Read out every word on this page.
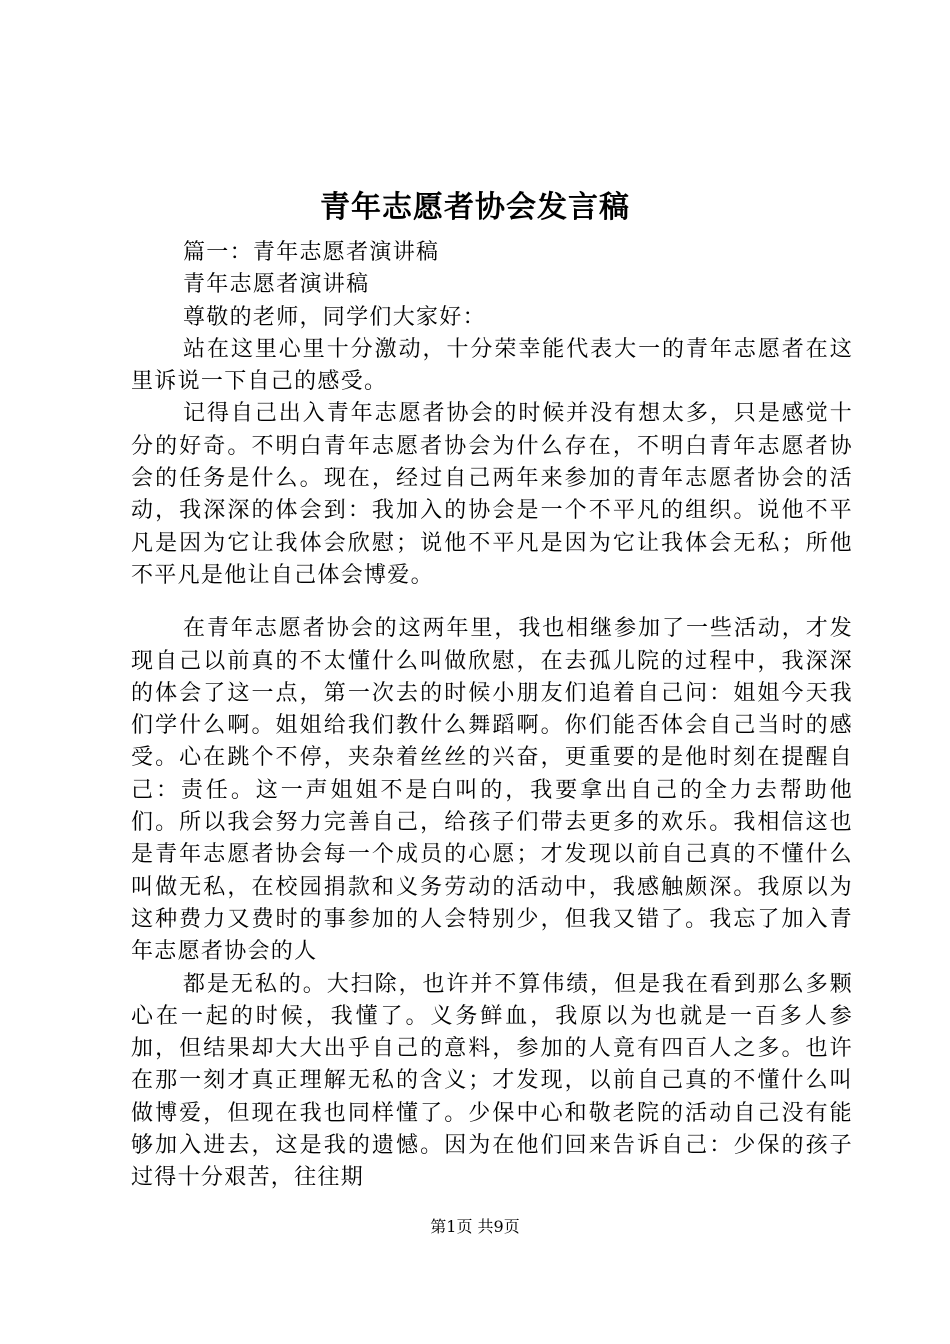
青年志愿者协会发言稿

篇一：青年志愿者演讲稿

青年志愿者演讲稿

尊敬的老师，同学们大家好：

站在这里心里十分激动，十分荣幸能代表大一的青年志愿者在这里诉说一下自己的感受。

记得自己出入青年志愿者协会的时候并没有想太多，只是感觉十分的好奇。不明白青年志愿者协会为什么存在，不明白青年志愿者协会的任务是什么。现在，经过自己两年来参加的青年志愿者协会的活动，我深深的体会到：我加入的协会是一个不平凡的组织。说他不平凡是因为它让我体会欣慰；说他不平凡是因为它让我体会无私；所他不平凡是他让自己体会博爱。

在青年志愿者协会的这两年里，我也相继参加了一些活动，才发现自己以前真的不太懂什么叫做欣慰，在去孤儿院的过程中，我深深的体会了这一点，第一次去的时候小朋友们追着自己问：姐姐今天我们学什么啊。姐姐给我们教什么舞蹈啊。你们能否体会自己当时的感受。心在跳个不停，夹杂着丝丝的兴奋，更重要的是他时刻在提醒自己：责任。这一声姐姐不是白叫的，我要拿出自己的全力去帮助他们。所以我会努力完善自己，给孩子们带去更多的欢乐。我相信这也是青年志愿者协会每一个成员的心愿；才发现以前自己真的不懂什么叫做无私，在校园捐款和义务劳动的活动中，我感触颇深。我原以为这种费力又费时的事参加的人会特别少，但我又错了。我忘了加入青年志愿者协会的人

都是无私的。大扫除，也许并不算伟绩，但是我在看到那么多颗心在一起的时候，我懂了。义务鲜血，我原以为也就是一百多人参加，但结果却大大出乎自己的意料，参加的人竟有四百人之多。也许在那一刻才真正理解无私的含义；才发现，以前自己真的不懂什么叫做博爱，但现在我也同样懂了。少保中心和敬老院的活动自己没有能够加入进去，这是我的遗憾。因为在他们回来告诉自己：少保的孩子过得十分艰苦，往往期

第1页 共9页
